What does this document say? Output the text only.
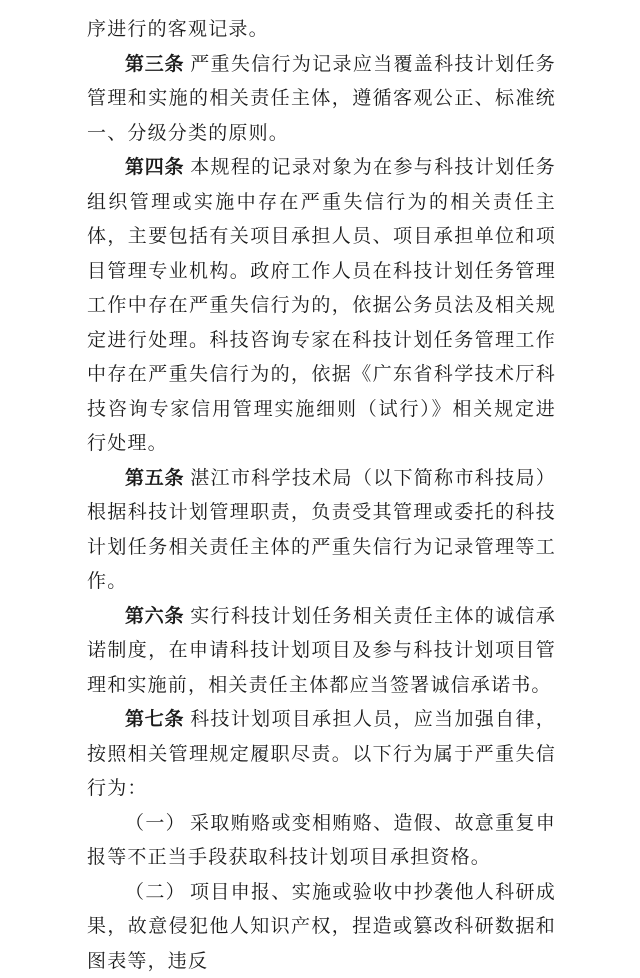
序进行的客观记录。

第三条 严重失信行为记录应当覆盖科技计划任务管理和实施的相关责任主体，遵循客观公正、标准统一、分级分类的原则。

第四条 本规程的记录对象为在参与科技计划任务组织管理或实施中存在严重失信行为的相关责任主体，主要包括有关项目承担人员、项目承担单位和项目管理专业机构。政府工作人员在科技计划任务管理工作中存在严重失信行为的，依据公务员法及相关规定进行处理。科技咨询专家在科技计划任务管理工作中存在严重失信行为的，依据《广东省科学技术厅科技咨询专家信用管理实施细则（试行）》相关规定进行处理。

第五条 湛江市科学技术局（以下简称市科技局）根据科技计划管理职责，负责受其管理或委托的科技计划任务相关责任主体的严重失信行为记录管理等工作。

第六条 实行科技计划任务相关责任主体的诚信承诺制度，在申请科技计划项目及参与科技计划项目管理和实施前，相关责任主体都应当签署诚信承诺书。

第七条 科技计划项目承担人员，应当加强自律，按照相关管理规定履职尽责。以下行为属于严重失信行为：

（一） 采取贿赂或变相贿赂、造假、故意重复申报等不正当手段获取科技计划项目承担资格。

（二） 项目申报、实施或验收中抄袭他人科研成果，故意侵犯他人知识产权，捏造或篡改科研数据和图表等，违反
